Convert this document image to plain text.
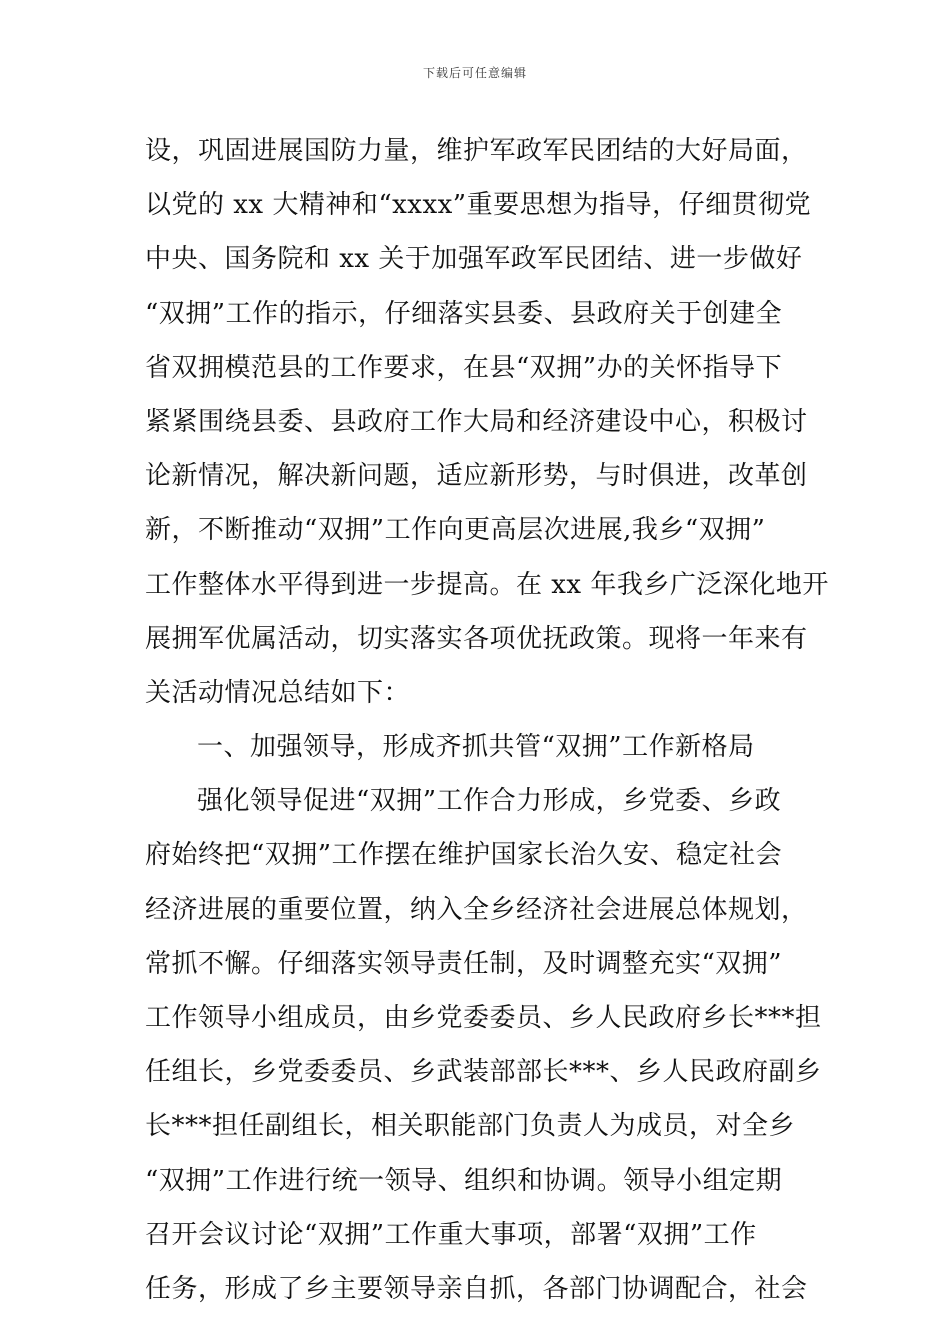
下载后可任意编辑
设，巩固进展国防力量，维护军政军民团结的大好局面，
以党的 xx 大精神和“xxxx”重要思想为指导，仔细贯彻党
中央、国务院和 xx 关于加强军政军民团结、进一步做好
“双拥”工作的指示，仔细落实县委、县政府关于创建全
省双拥模范县的工作要求，在县“双拥”办的关怀指导下
紧紧围绕县委、县政府工作大局和经济建设中心，积极讨
论新情况，解决新问题，适应新形势，与时俱进，改革创
新，不断推动“双拥”工作向更高层次进展,我乡“双拥”
工作整体水平得到进一步提高。在 xx 年我乡广泛深化地开
展拥军优属活动，切实落实各项优抚政策。现将一年来有
关活动情况总结如下：
一、加强领导，形成齐抓共管“双拥”工作新格局
强化领导促进“双拥”工作合力形成，乡党委、乡政
府始终把“双拥”工作摆在维护国家长治久安、稳定社会
经济进展的重要位置，纳入全乡经济社会进展总体规划，
常抓不懈。仔细落实领导责任制，及时调整充实“双拥”
工作领导小组成员，由乡党委委员、乡人民政府乡长***担
任组长，乡党委委员、乡武装部部长***、乡人民政府副乡
长***担任副组长，相关职能部门负责人为成员，对全乡
“双拥”工作进行统一领导、组织和协调。领导小组定期
召开会议讨论“双拥”工作重大事项，部署“双拥”工作
任务，形成了乡主要领导亲自抓，各部门协调配合，社会
